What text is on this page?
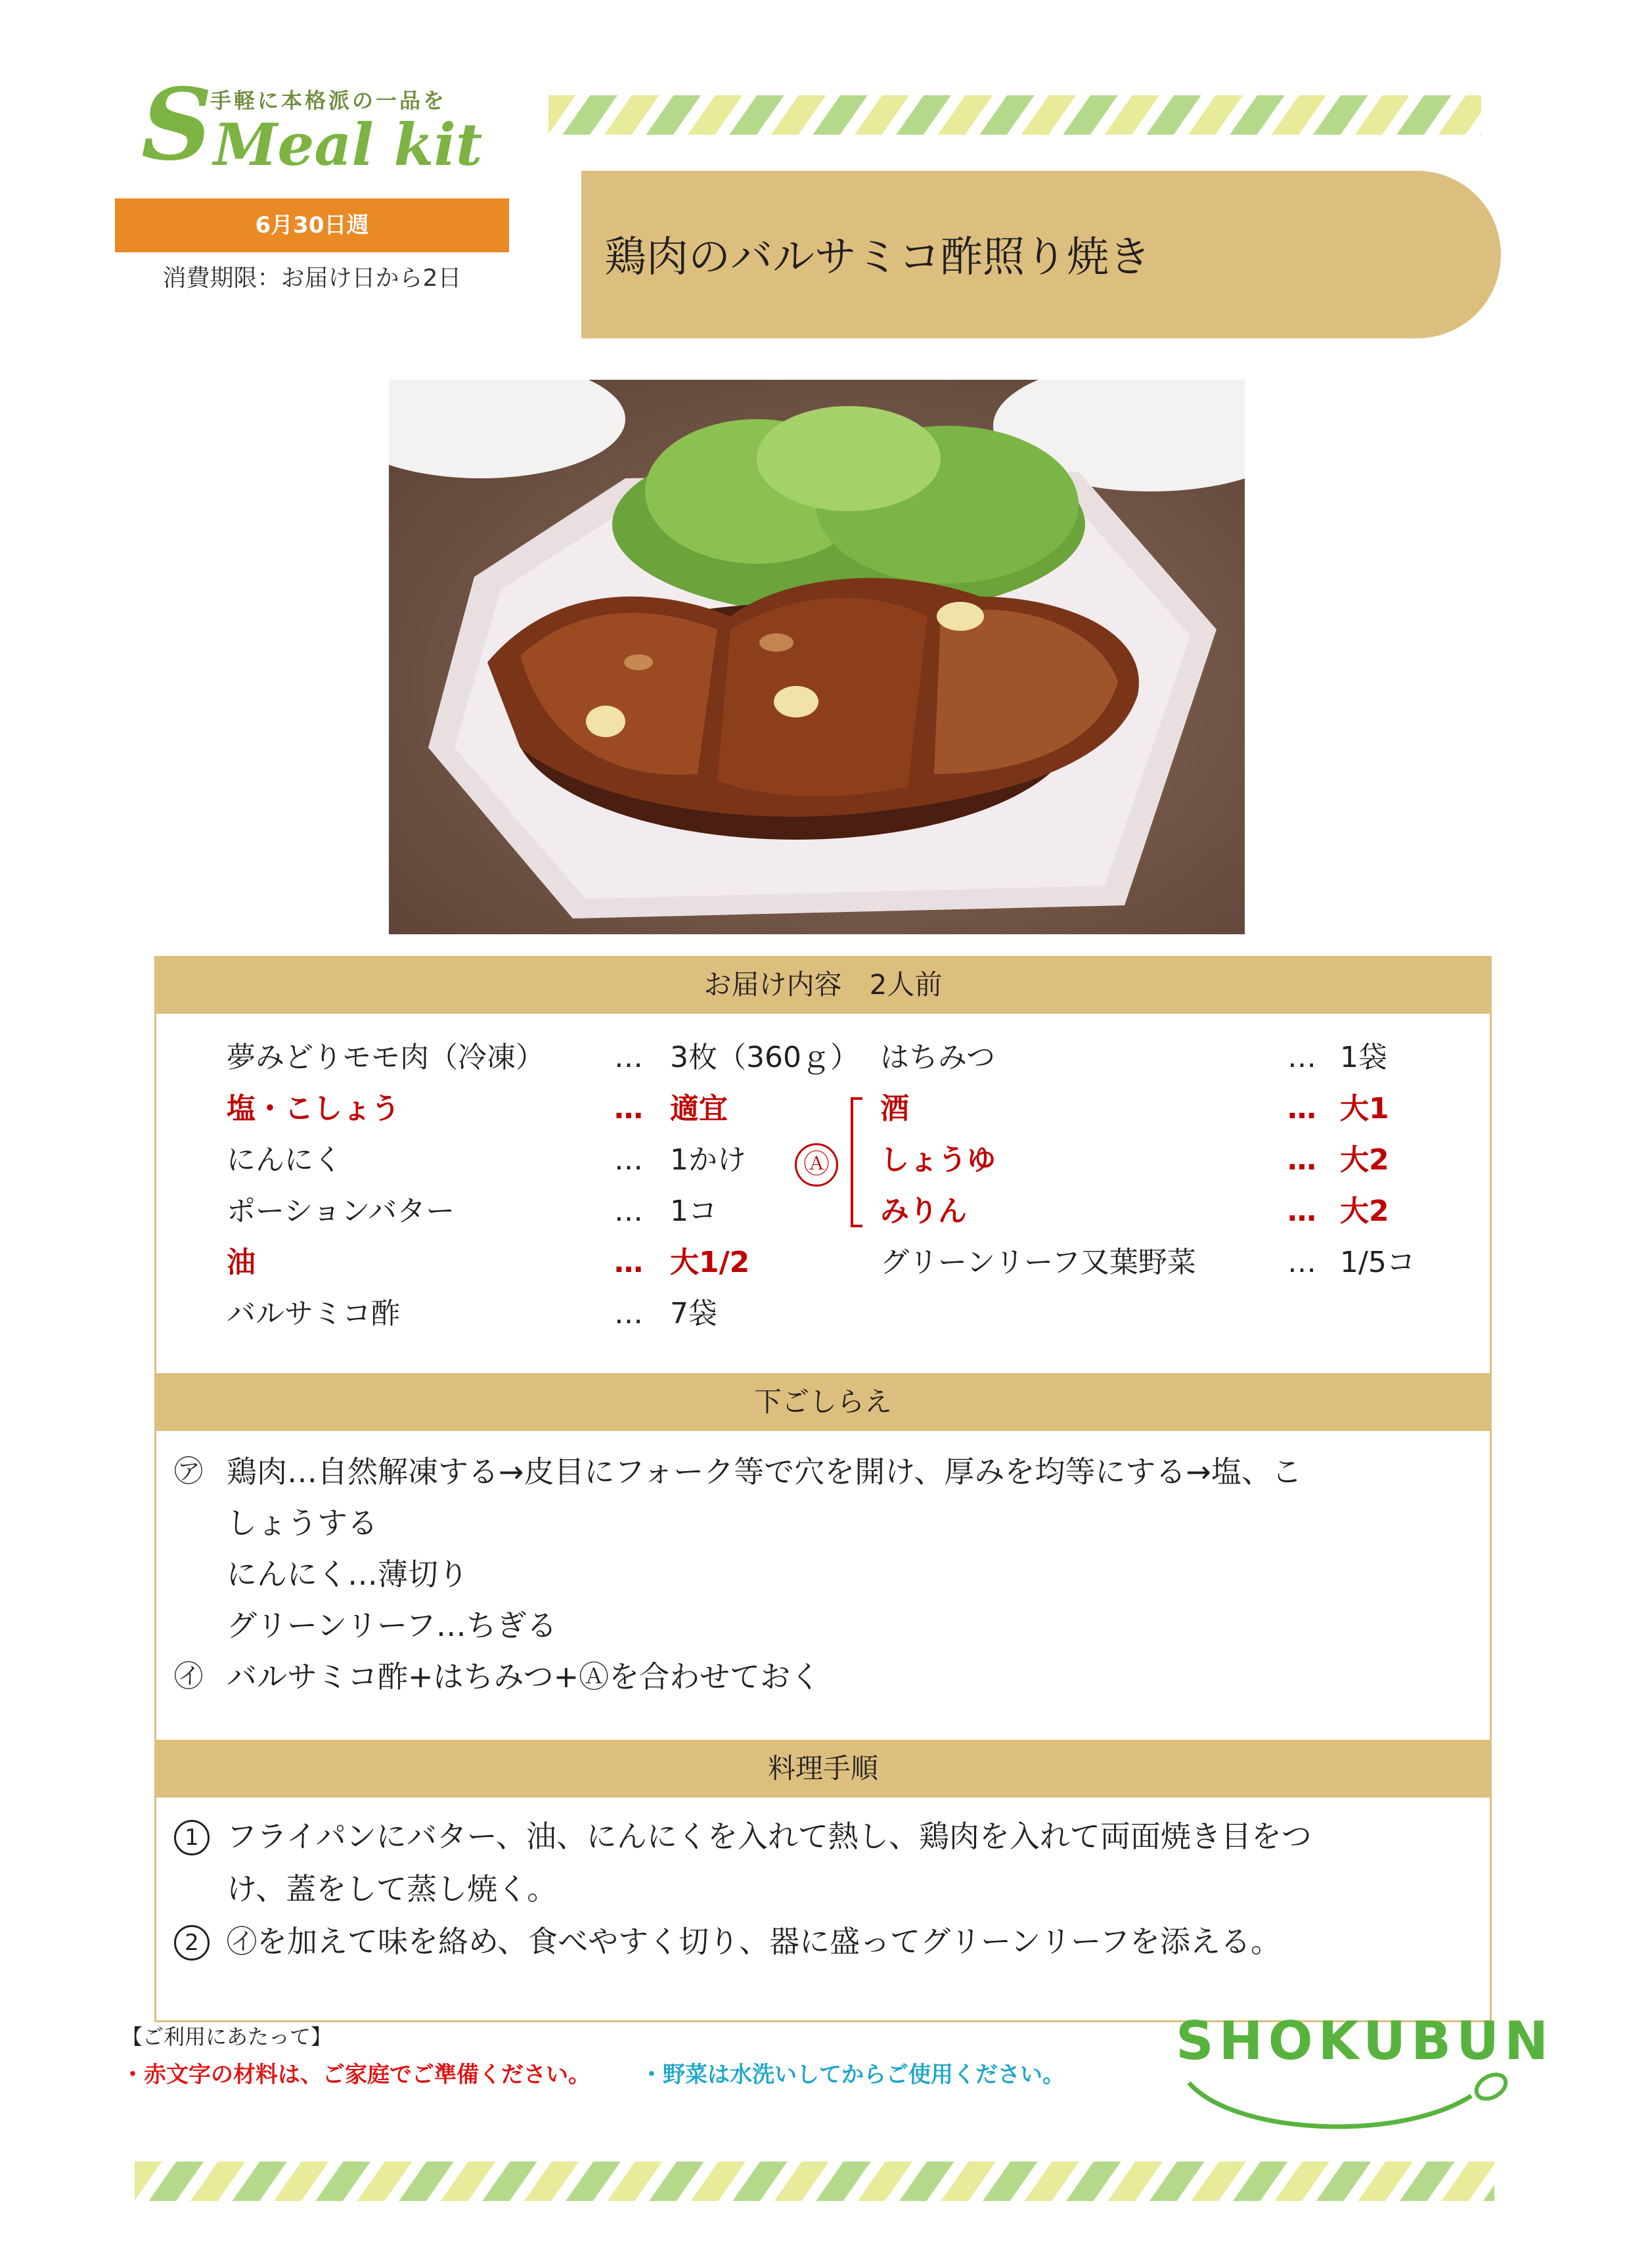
S
手軽に本格派の一品を
Meal kit
6月30日週
消費期限：お届け日から2日	鶏肉のバルサミコ酢照り焼き
お届け内容　2人前
夢みどりモモ肉（冷凍） … 3枚（360ｇ）
塩・こしょう	… 適宜
にんにく	… 1かけ
ポーションバター	… 1コ
油	… 大1/2
バルサミコ酢	… 7袋
はちみつ	… 1袋
酒	… 大1
しょうゆ	… 大2
みりん	… 大2
グリーンリーフ又葉野菜	… 1/5コ
Ⓐ
下ごしらえ
㋐ 鶏肉…自然解凍する→皮目にフォーク等で穴を開け、厚みを均等にする→塩、こ
しょうする
にんにく…薄切り
グリーンリーフ…ちぎる
㋑ バルサミコ酢+はちみつ+Ⓐを合わせておく
料理手順
1 フライパンにバター、油、にんにくを入れて熱し、鶏肉を入れて両面焼き目をつ
け、蓋をして蒸し焼く。
2 ㋑を加えて味を絡め、食べやすく切り、器に盛ってグリーンリーフを添える。
【ご利用にあたって】
・赤文字の材料は、ご家庭でご準備ください。 ・野菜は水洗いしてからご使用ください。
SHOKUBUN
